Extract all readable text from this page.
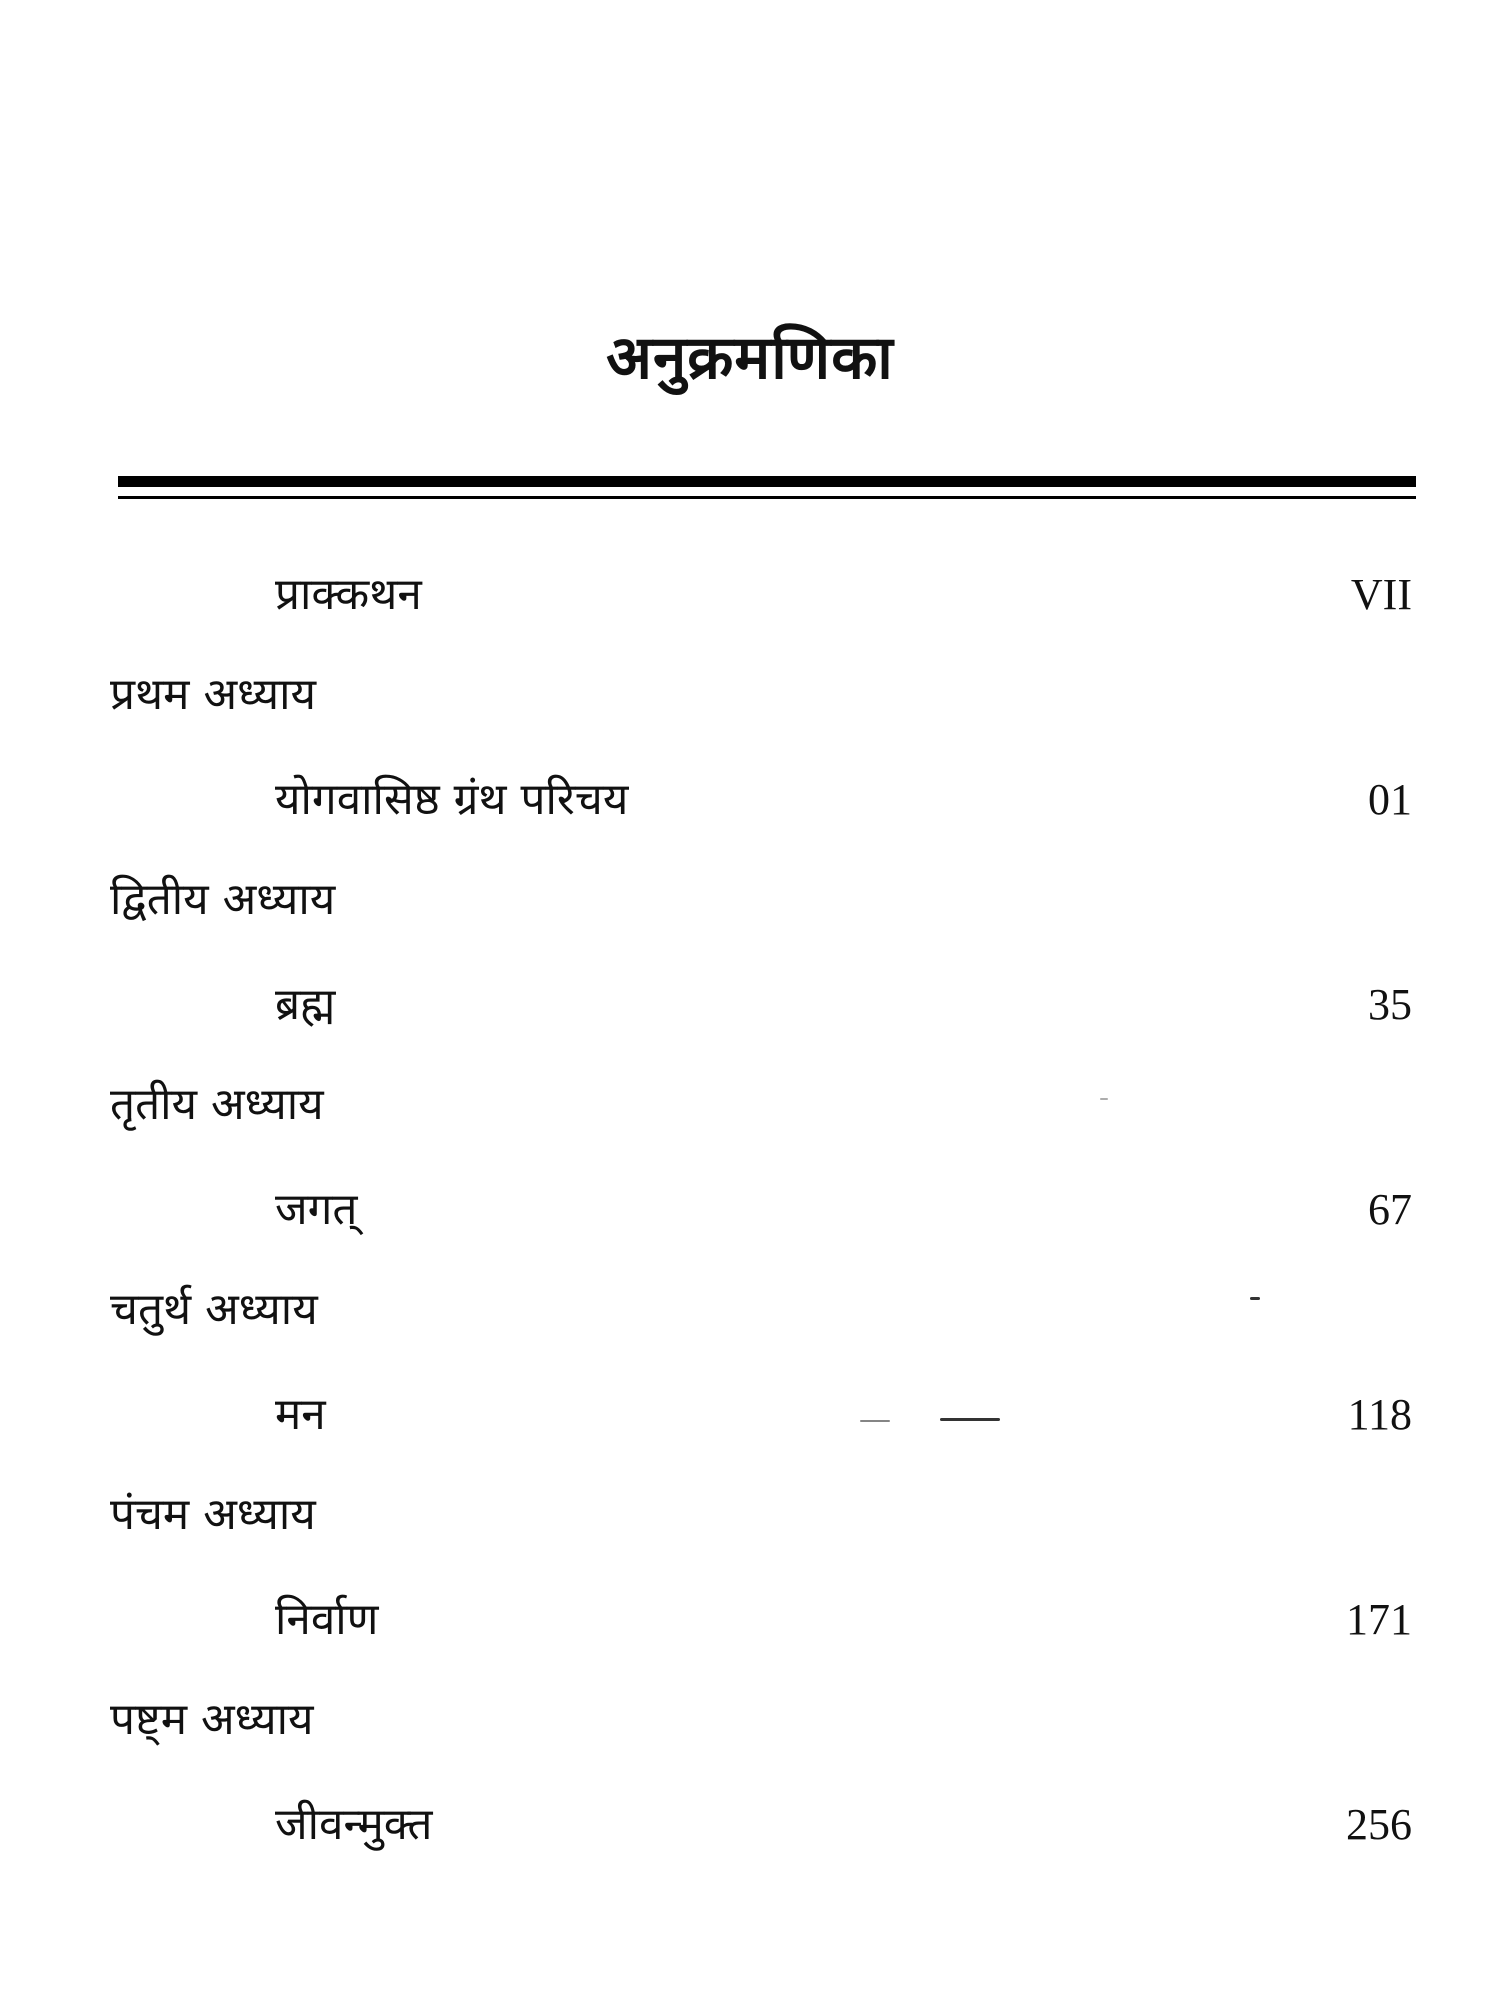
अनुक्रमणिका
प्राक्कथन	VII
प्रथम अध्याय
योगवासिष्ठ ग्रंथ परिचय	01
द्वितीय अध्याय
ब्रह्म	35
तृतीय अध्याय
जगत्	67
चतुर्थ अध्याय
मन	118
पंचम अध्याय
निर्वाण	171
पष्ट्म अध्याय
जीवन्मुक्त	256
